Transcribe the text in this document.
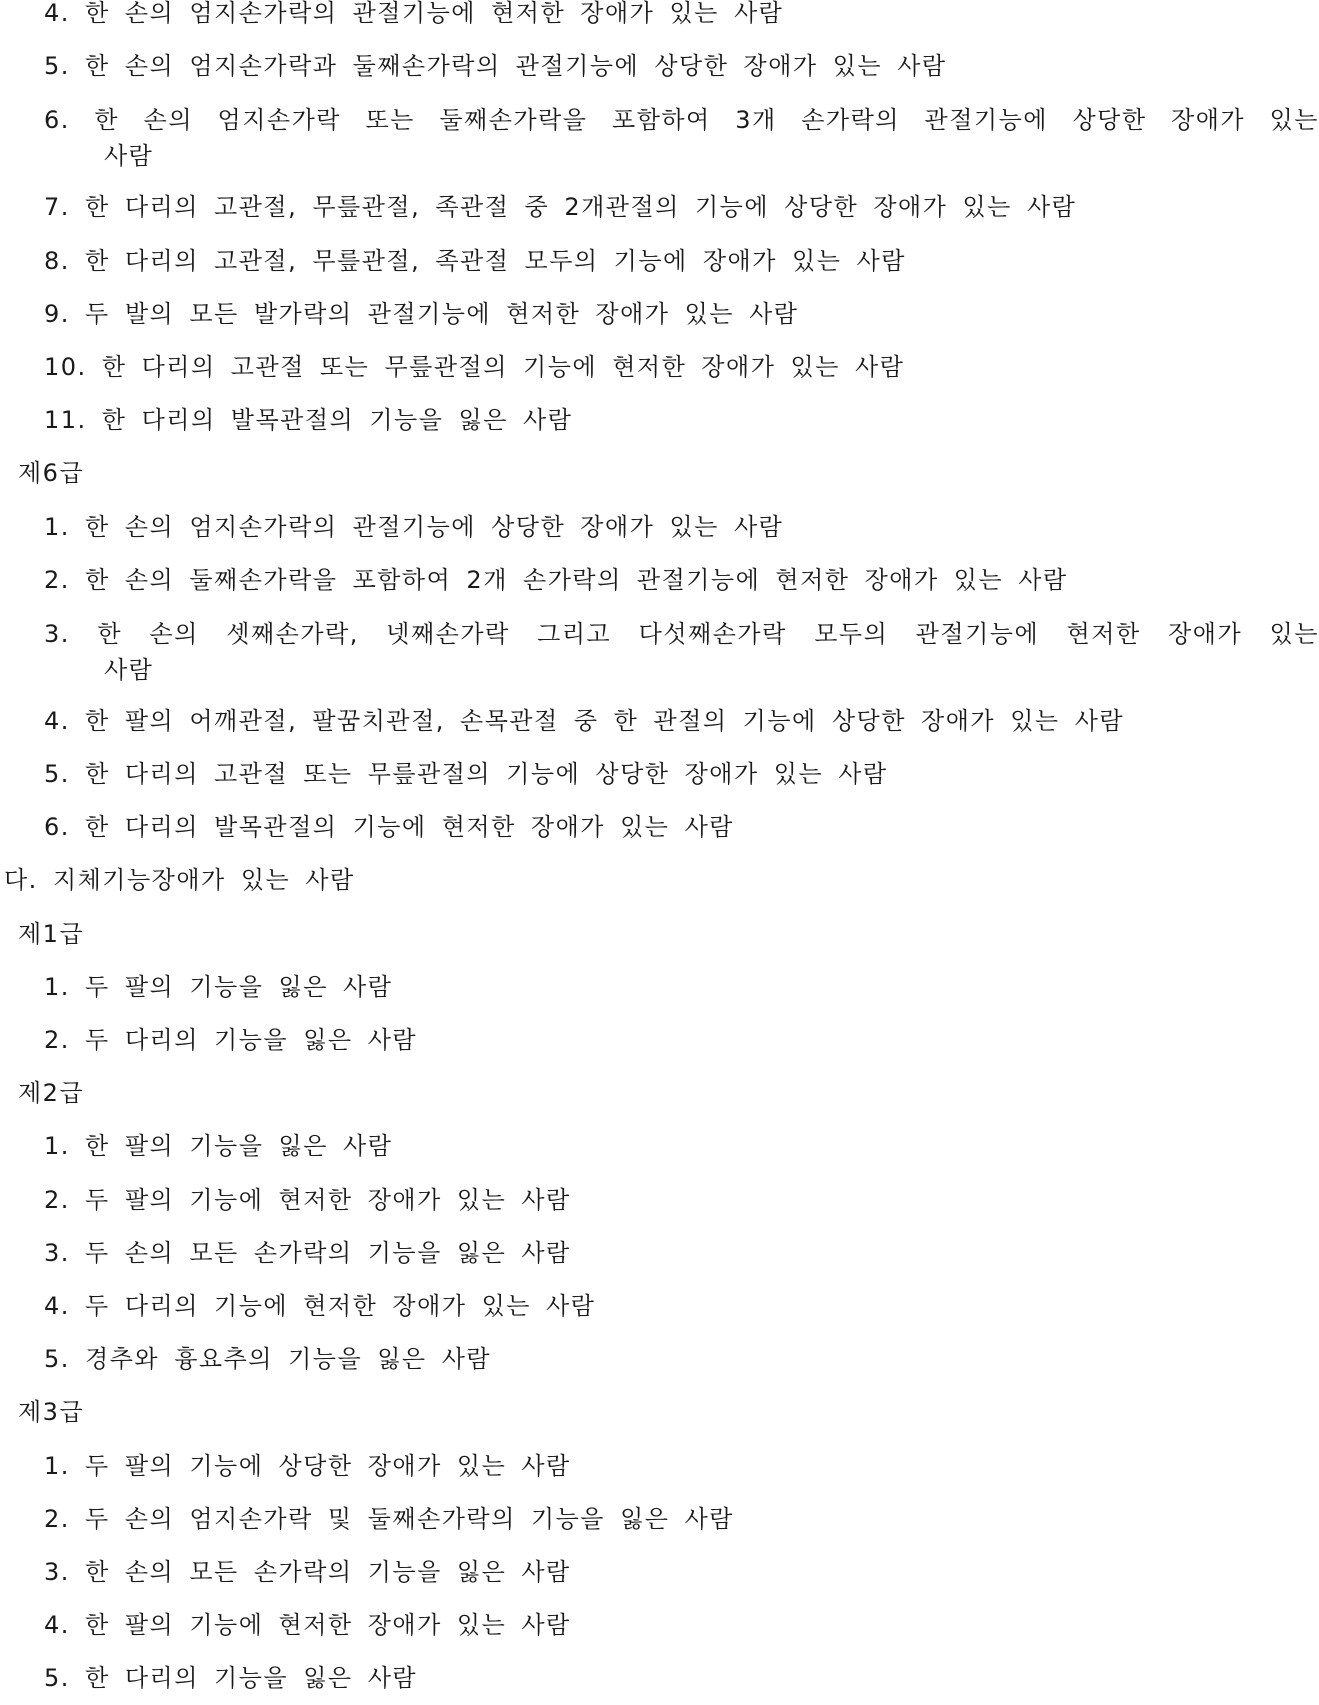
4. 한 손의 엄지손가락의 관절기능에 현저한 장애가 있는 사람
5. 한 손의 엄지손가락과 둘째손가락의 관절기능에 상당한 장애가 있는 사람
6. 한 손의 엄지손가락 또는 둘째손가락을 포함하여 3개 손가락의 관절기능에 상당한 장애가 있는
사람
7. 한 다리의 고관절, 무릎관절, 족관절 중 2개관절의 기능에 상당한 장애가 있는 사람
8. 한 다리의 고관절, 무릎관절, 족관절 모두의 기능에 장애가 있는 사람
9. 두 발의 모든 발가락의 관절기능에 현저한 장애가 있는 사람
10. 한 다리의 고관절 또는 무릎관절의 기능에 현저한 장애가 있는 사람
11. 한 다리의 발목관절의 기능을 잃은 사람
제6급
1. 한 손의 엄지손가락의 관절기능에 상당한 장애가 있는 사람
2. 한 손의 둘째손가락을 포함하여 2개 손가락의 관절기능에 현저한 장애가 있는 사람
3. 한 손의 셋째손가락, 넷째손가락 그리고 다섯째손가락 모두의 관절기능에 현저한 장애가 있는
사람
4. 한 팔의 어깨관절, 팔꿈치관절, 손목관절 중 한 관절의 기능에 상당한 장애가 있는 사람
5. 한 다리의 고관절 또는 무릎관절의 기능에 상당한 장애가 있는 사람
6. 한 다리의 발목관절의 기능에 현저한 장애가 있는 사람
다. 지체기능장애가 있는 사람
제1급
1. 두 팔의 기능을 잃은 사람
2. 두 다리의 기능을 잃은 사람
제2급
1. 한 팔의 기능을 잃은 사람
2. 두 팔의 기능에 현저한 장애가 있는 사람
3. 두 손의 모든 손가락의 기능을 잃은 사람
4. 두 다리의 기능에 현저한 장애가 있는 사람
5. 경추와 흉요추의 기능을 잃은 사람
제3급
1. 두 팔의 기능에 상당한 장애가 있는 사람
2. 두 손의 엄지손가락 및 둘째손가락의 기능을 잃은 사람
3. 한 손의 모든 손가락의 기능을 잃은 사람
4. 한 팔의 기능에 현저한 장애가 있는 사람
5. 한 다리의 기능을 잃은 사람
